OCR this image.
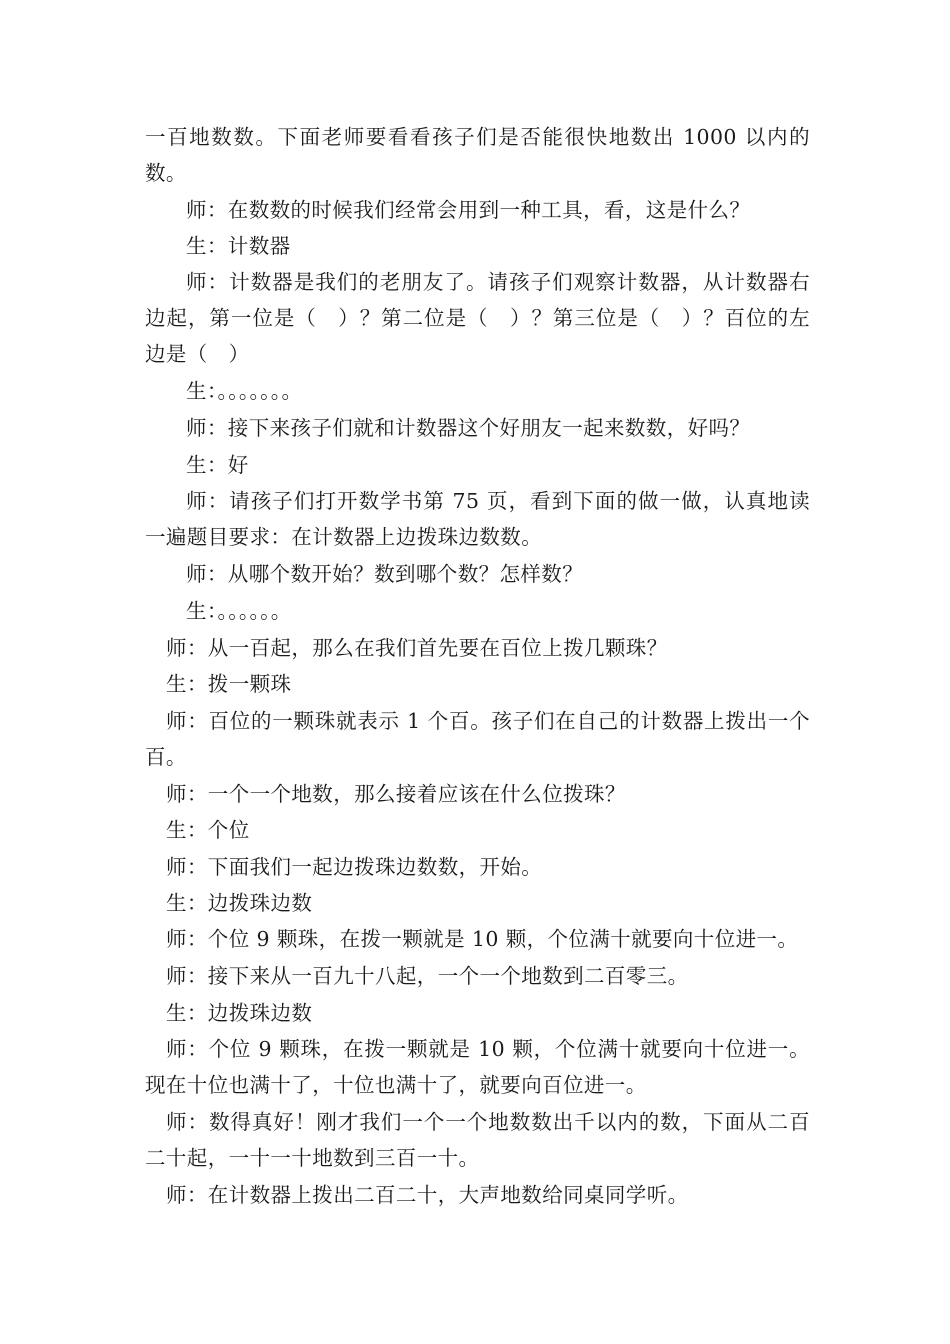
一百地数数。下面老师要看看孩子们是否能很快地数出 1000 以内的数。

师：在数数的时候我们经常会用到一种工具，看，这是什么？

生：计数器

师：计数器是我们的老朋友了。请孩子们观察计数器，从计数器右边起，第一位是（　）？第二位是（　）？第三位是（　）？百位的左边是（　）

生：。。。。。。。

师：接下来孩子们就和计数器这个好朋友一起来数数，好吗？

生：好

师：请孩子们打开数学书第 75 页，看到下面的做一做，认真地读一遍题目要求：在计数器上边拨珠边数数。

师：从哪个数开始？数到哪个数？怎样数？

生：。。。。。。

师：从一百起，那么在我们首先要在百位上拨几颗珠？

生：拨一颗珠

师：百位的一颗珠就表示 1 个百。孩子们在自己的计数器上拨出一个百。

师：一个一个地数，那么接着应该在什么位拨珠？

生：个位

师：下面我们一起边拨珠边数数，开始。

生：边拨珠边数

师：个位 9 颗珠，在拨一颗就是 10 颗，个位满十就要向十位进一。

师：接下来从一百九十八起，一个一个地数到二百零三。

生：边拨珠边数

师：个位 9 颗珠，在拨一颗就是 10 颗，个位满十就要向十位进一。现在十位也满十了，十位也满十了，就要向百位进一。

师：数得真好！刚才我们一个一个地数数出千以内的数，下面从二百二十起，一十一十地数到三百一十。

师：在计数器上拨出二百二十，大声地数给同桌同学听。
